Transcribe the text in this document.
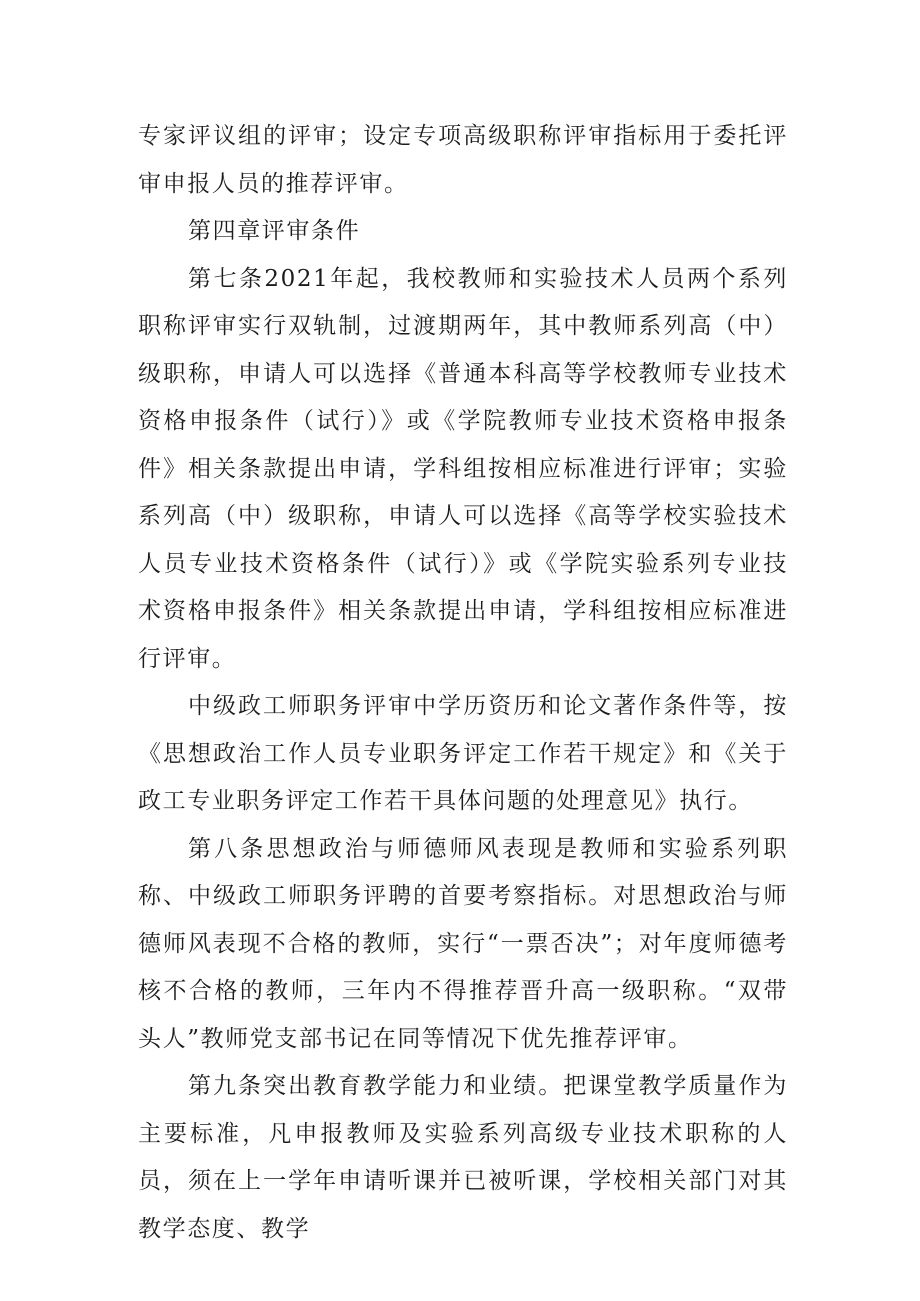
专家评议组的评审；设定专项高级职称评审指标用于委托评审申报人员的推荐评审。

第四章评审条件

第七条2021年起，我校教师和实验技术人员两个系列职称评审实行双轨制，过渡期两年，其中教师系列高（中）级职称，申请人可以选择《普通本科高等学校教师专业技术资格申报条件（试行）》或《学院教师专业技术资格申报条件》相关条款提出申请，学科组按相应标准进行评审；实验系列高（中）级职称，申请人可以选择《高等学校实验技术人员专业技术资格条件（试行）》或《学院实验系列专业技术资格申报条件》相关条款提出申请，学科组按相应标准进行评审。

中级政工师职务评审中学历资历和论文著作条件等，按《思想政治工作人员专业职务评定工作若干规定》和《关于政工专业职务评定工作若干具体问题的处理意见》执行。

第八条思想政治与师德师风表现是教师和实验系列职称、中级政工师职务评聘的首要考察指标。对思想政治与师德师风表现不合格的教师，实行“一票否决”；对年度师德考核不合格的教师，三年内不得推荐晋升高一级职称。“双带头人”教师党支部书记在同等情况下优先推荐评审。

第九条突出教育教学能力和业绩。把课堂教学质量作为主要标准，凡申报教师及实验系列高级专业技术职称的人员，须在上一学年申请听课并已被听课，学校相关部门对其教学态度、教学
